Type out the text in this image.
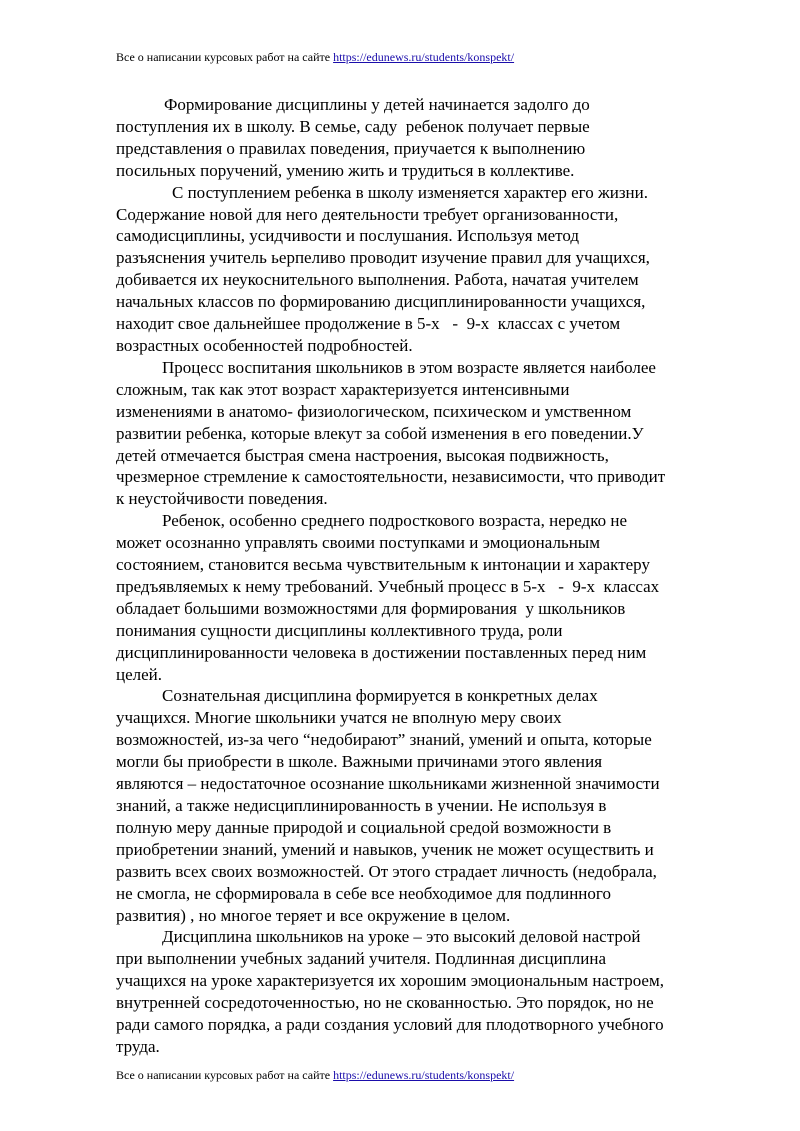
Все о написании курсовых работ на сайте https://edunews.ru/students/konspekt/
Формирование дисциплины у детей начинается задолго до
поступления их в школу. В семье, саду  ребенок получает первые
представления о правилах поведения, приучается к выполнению
посильных поручений, умению жить и трудиться в коллективе.
С поступлением ребенка в школу изменяется характер его жизни.
Содержание новой для него деятельности требует организованности,
самодисциплины, усидчивости и послушания. Используя метод
разъяснения учитель ьерпеливо проводит изучение правил для учащихся,
добивается их неукоснительного выполнения. Работа, начатая учителем
начальных классов по формированию дисциплинированности учащихся,
находит свое дальнейшее продолжение в 5-х   -  9-х  классах с учетом
возрастных особенностей подробностей.
Процесс воспитания школьников в этом возрасте является наиболее
сложным, так как этот возраст характеризуется интенсивными
изменениями в анатомо- физиологическом, психическом и умственном
развитии ребенка, которые влекут за собой изменения в его поведении.У
детей отмечается быстрая смена настроения, высокая подвижность,
чрезмерное стремление к самостоятельности, независимости, что приводит
к неустойчивости поведения.
Ребенок, особенно среднего подросткового возраста, нередко не
может осознанно управлять своими поступками и эмоциональным
состоянием, становится весьма чувствительным к интонации и характеру
предъявляемых к нему требований. Учебный процесс в 5-х   -  9-х  классах
обладает большими возможностями для формирования  у школьников
понимания сущности дисциплины коллективного труда, роли
дисциплинированности человека в достижении поставленных перед ним
целей.
Сознательная дисциплина формируется в конкретных делах
учащихся. Многие школьники учатся не вполную меру своих
возможностей, из-за чего “недобирают” знаний, умений и опыта, которые
могли бы приобрести в школе. Важными причинами этого явления
являются – недостаточное осознание школьниками жизненной значимости
знаний, а также недисциплинированность в учении. Не используя в
полную меру данные природой и социальной средой возможности в
приобретении знаний, умений и навыков, ученик не может осуществить и
развить всех своих возможностей. От этого страдает личность (недобрала,
не смогла, не сформировала в себе все необходимое для подлинного
развития) , но многое теряет и все окружение в целом.
Дисциплина школьников на уроке – это высокий деловой настрой
при выполнении учебных заданий учителя. Подлинная дисциплина
учащихся на уроке характеризуется их хорошим эмоциональным настроем,
внутренней сосредоточенностью, но не скованностью. Это порядок, но не
ради самого порядка, а ради создания условий для плодотворного учебного
труда.
Все о написании курсовых работ на сайте https://edunews.ru/students/konspekt/
